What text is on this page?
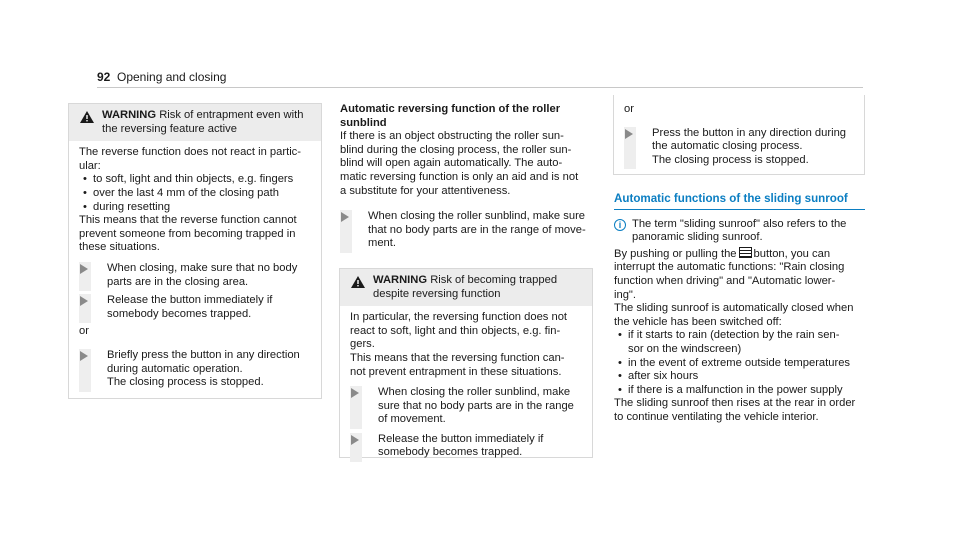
92 Opening and closing
WARNING Risk of entrapment even with
the reversing feature active
The reverse function does not react in partic-
ular:
• to soft, light and thin objects, e.g. fingers
• over the last 4 mm of the closing path
• during resetting
This means that the reverse function cannot
prevent someone from becoming trapped in
these situations.
When closing, make sure that no body
parts are in the closing area.
Release the button immediately if
somebody becomes trapped.
or
Briefly press the button in any direction
during automatic operation.
The closing process is stopped.
Automatic reversing function of the roller
sunblind
If there is an object obstructing the roller sun-
blind during the closing process, the roller sun-
blind will open again automatically. The auto-
matic reversing function is only an aid and is not
a substitute for your attentiveness.
When closing the roller sunblind, make sure
that no body parts are in the range of move-
ment.
WARNING Risk of becoming trapped
despite reversing function
In particular, the reversing function does not
react to soft, light and thin objects, e.g. fin-
gers.
This means that the reversing function can-
not prevent entrapment in these situations.
When closing the roller sunblind, make
sure that no body parts are in the range
of movement.
Release the button immediately if
somebody becomes trapped.
or
Press the button in any direction during
the automatic closing process.
The closing process is stopped.
Automatic functions of the sliding sunroof
i The term "sliding sunroof" also refers to the
panoramic sliding sunroof.
By pushing or pulling the button, you can
interrupt the automatic functions: "Rain closing
function when driving" and "Automatic lower-
ing".
The sliding sunroof is automatically closed when
the vehicle has been switched off:
• if it starts to rain (detection by the rain sen-
sor on the windscreen)
• in the event of extreme outside temperatures
• after six hours
• if there is a malfunction in the power supply
The sliding sunroof then rises at the rear in order
to continue ventilating the vehicle interior.
